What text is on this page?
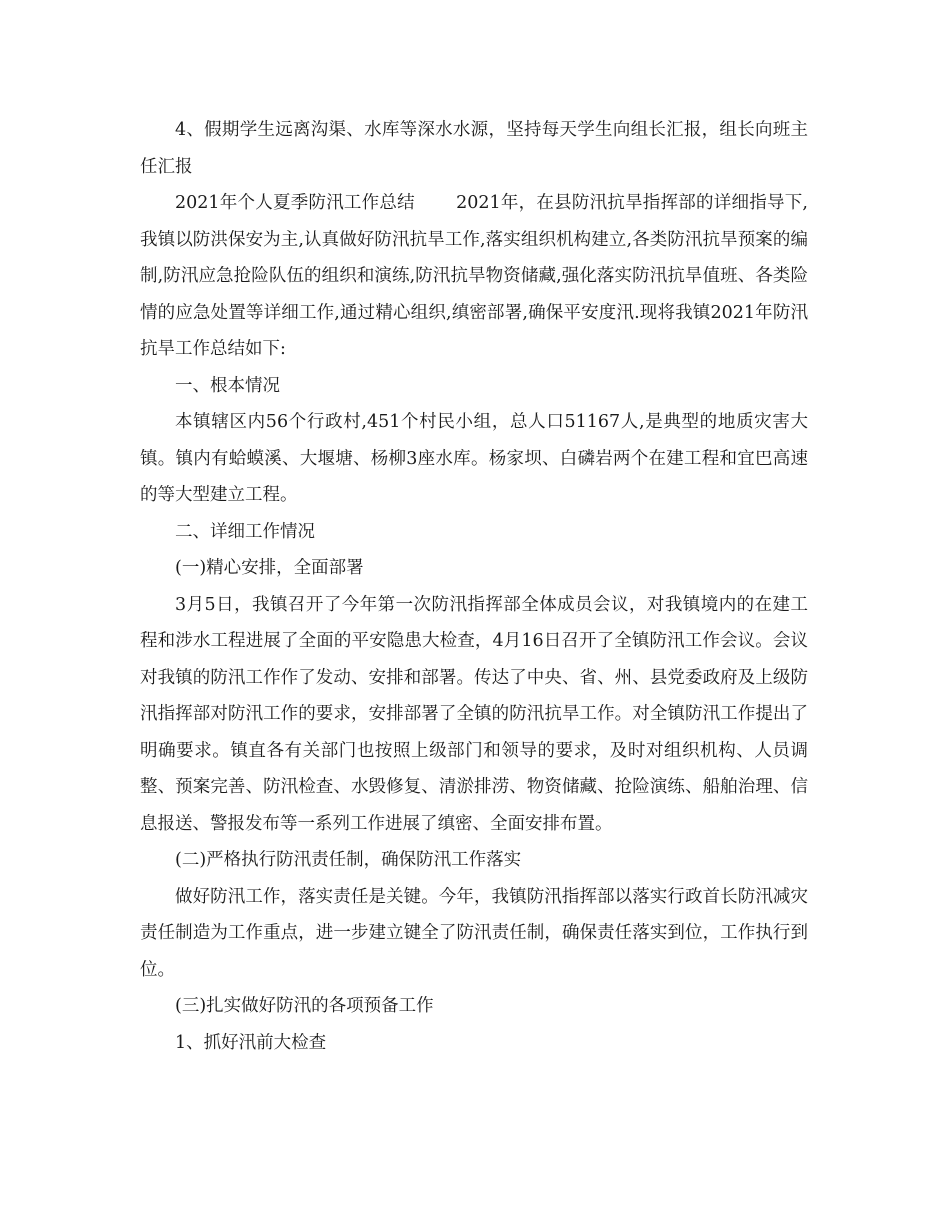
4、假期学生远离沟渠、水库等深水水源，坚持每天学生向组长汇报，组长向班主任汇报

2021年个人夏季防汛工作总结　　 2021年，在县防汛抗旱指挥部的详细指导下,我镇以防洪保安为主,认真做好防汛抗旱工作,落实组织机构建立,各类防汛抗旱预案的编制,防汛应急抢险队伍的组织和演练,防汛抗旱物资储藏,强化落实防汛抗旱值班、各类险情的应急处置等详细工作,通过精心组织,缜密部署,确保平安度汛.现将我镇2021年防汛抗旱工作总结如下:

一、根本情况

本镇辖区内56个行政村,451个村民小组，总人口51167人,是典型的地质灾害大镇。镇内有蛤蟆溪、大堰塘、杨柳3座水库。杨家坝、白磷岩两个在建工程和宜巴高速的等大型建立工程。

二、详细工作情况

(一)精心安排，全面部署

3月5日，我镇召开了今年第一次防汛指挥部全体成员会议，对我镇境内的在建工程和涉水工程进展了全面的平安隐患大检查，4月16日召开了全镇防汛工作会议。会议对我镇的防汛工作作了发动、安排和部署。传达了中央、省、州、县党委政府及上级防汛指挥部对防汛工作的要求，安排部署了全镇的防汛抗旱工作。对全镇防汛工作提出了明确要求。镇直各有关部门也按照上级部门和领导的要求，及时对组织机构、人员调整、预案完善、防汛检查、水毁修复、清淤排涝、物资储藏、抢险演练、船舶治理、信息报送、警报发布等一系列工作进展了缜密、全面安排布置。

(二)严格执行防汛责任制，确保防汛工作落实

做好防汛工作，落实责任是关键。今年，我镇防汛指挥部以落实行政首长防汛减灾责任制造为工作重点，进一步建立键全了防汛责任制，确保责任落实到位，工作执行到位。

(三)扎实做好防汛的各项预备工作

1、抓好汛前大检查
